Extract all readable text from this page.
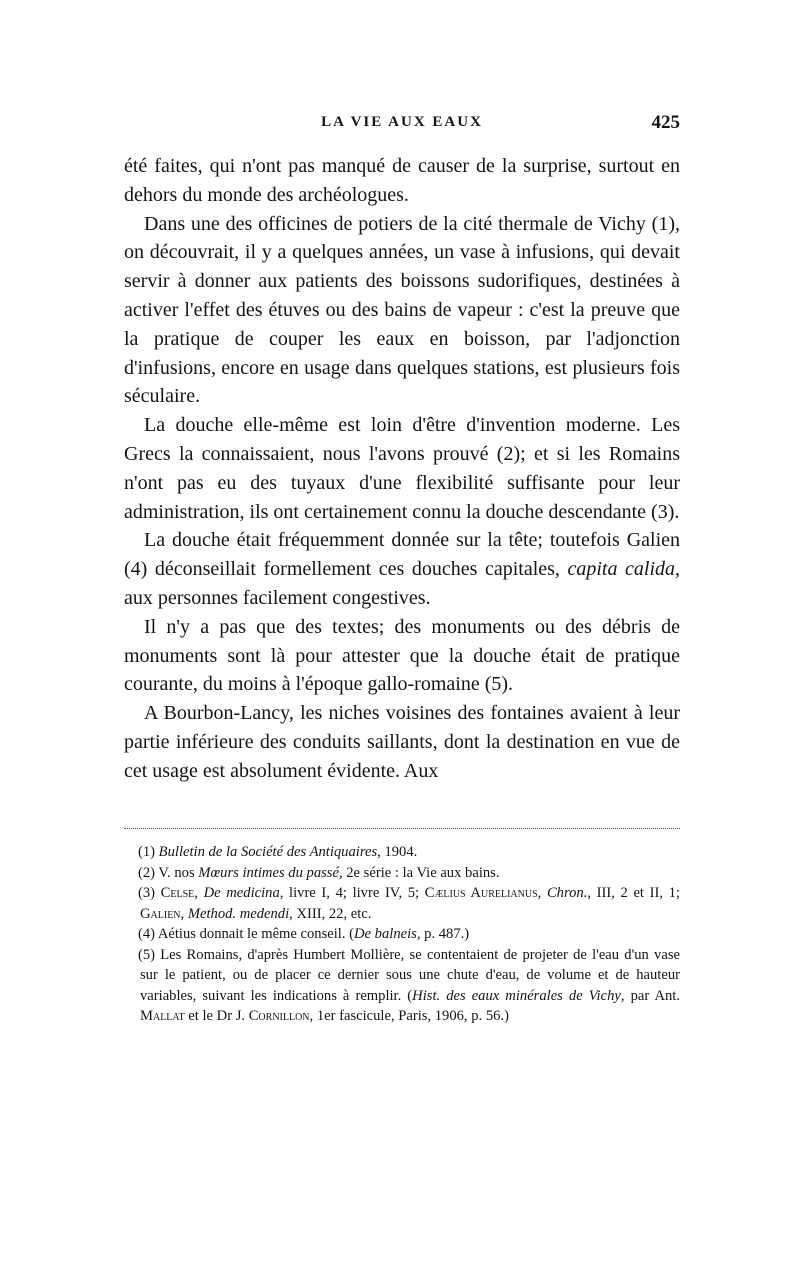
LA VIE AUX EAUX	425

été faites, qui n'ont pas manqué de causer de la surprise, surtout en dehors du monde des archéologues.

Dans une des officines de potiers de la cité thermale de Vichy (1), on découvrait, il y a quelques années, un vase à infusions, qui devait servir à donner aux patients des boissons sudorifiques, destinées à activer l'effet des étuves ou des bains de vapeur : c'est la preuve que la pratique de couper les eaux en boisson, par l'adjonction d'infusions, encore en usage dans quelques stations, est plusieurs fois séculaire.

La douche elle-même est loin d'être d'invention moderne. Les Grecs la connaissaient, nous l'avons prouvé (2); et si les Romains n'ont pas eu des tuyaux d'une flexibilité suffisante pour leur administration, ils ont certainement connu la douche descendante (3).

La douche était fréquemment donnée sur la tête; toutefois Galien (4) déconseillait formellement ces douches capitales, capita calida, aux personnes facilement congestives.

Il n'y a pas que des textes; des monuments ou des débris de monuments sont là pour attester que la douche était de pratique courante, du moins à l'époque gallo-romaine (5).

A Bourbon-Lancy, les niches voisines des fontaines avaient à leur partie inférieure des conduits saillants, dont la destination en vue de cet usage est absolument évidente. Aux

(1) Bulletin de la Société des Antiquaires, 1904.

(2) V. nos Mœurs intimes du passé, 2e série : la Vie aux bains.

(3) Celse, De medicina, livre I, 4; livre IV, 5; Cælius Aurelianus, Chron., III, 2 et II, 1; Galien, Method. medendi, XIII, 22, etc.

(4) Aétius donnait le même conseil. (De balneis, p. 487.)

(5) Les Romains, d'après Humbert Mollière, se contentaient de projeter de l'eau d'un vase sur le patient, ou de placer ce dernier sous une chute d'eau, de volume et de hauteur variables, suivant les indications à remplir. (Hist. des eaux minérales de Vichy, par Ant. Mallat et le Dr J. Cornillon, 1er fascicule, Paris, 1906, p. 56.)
